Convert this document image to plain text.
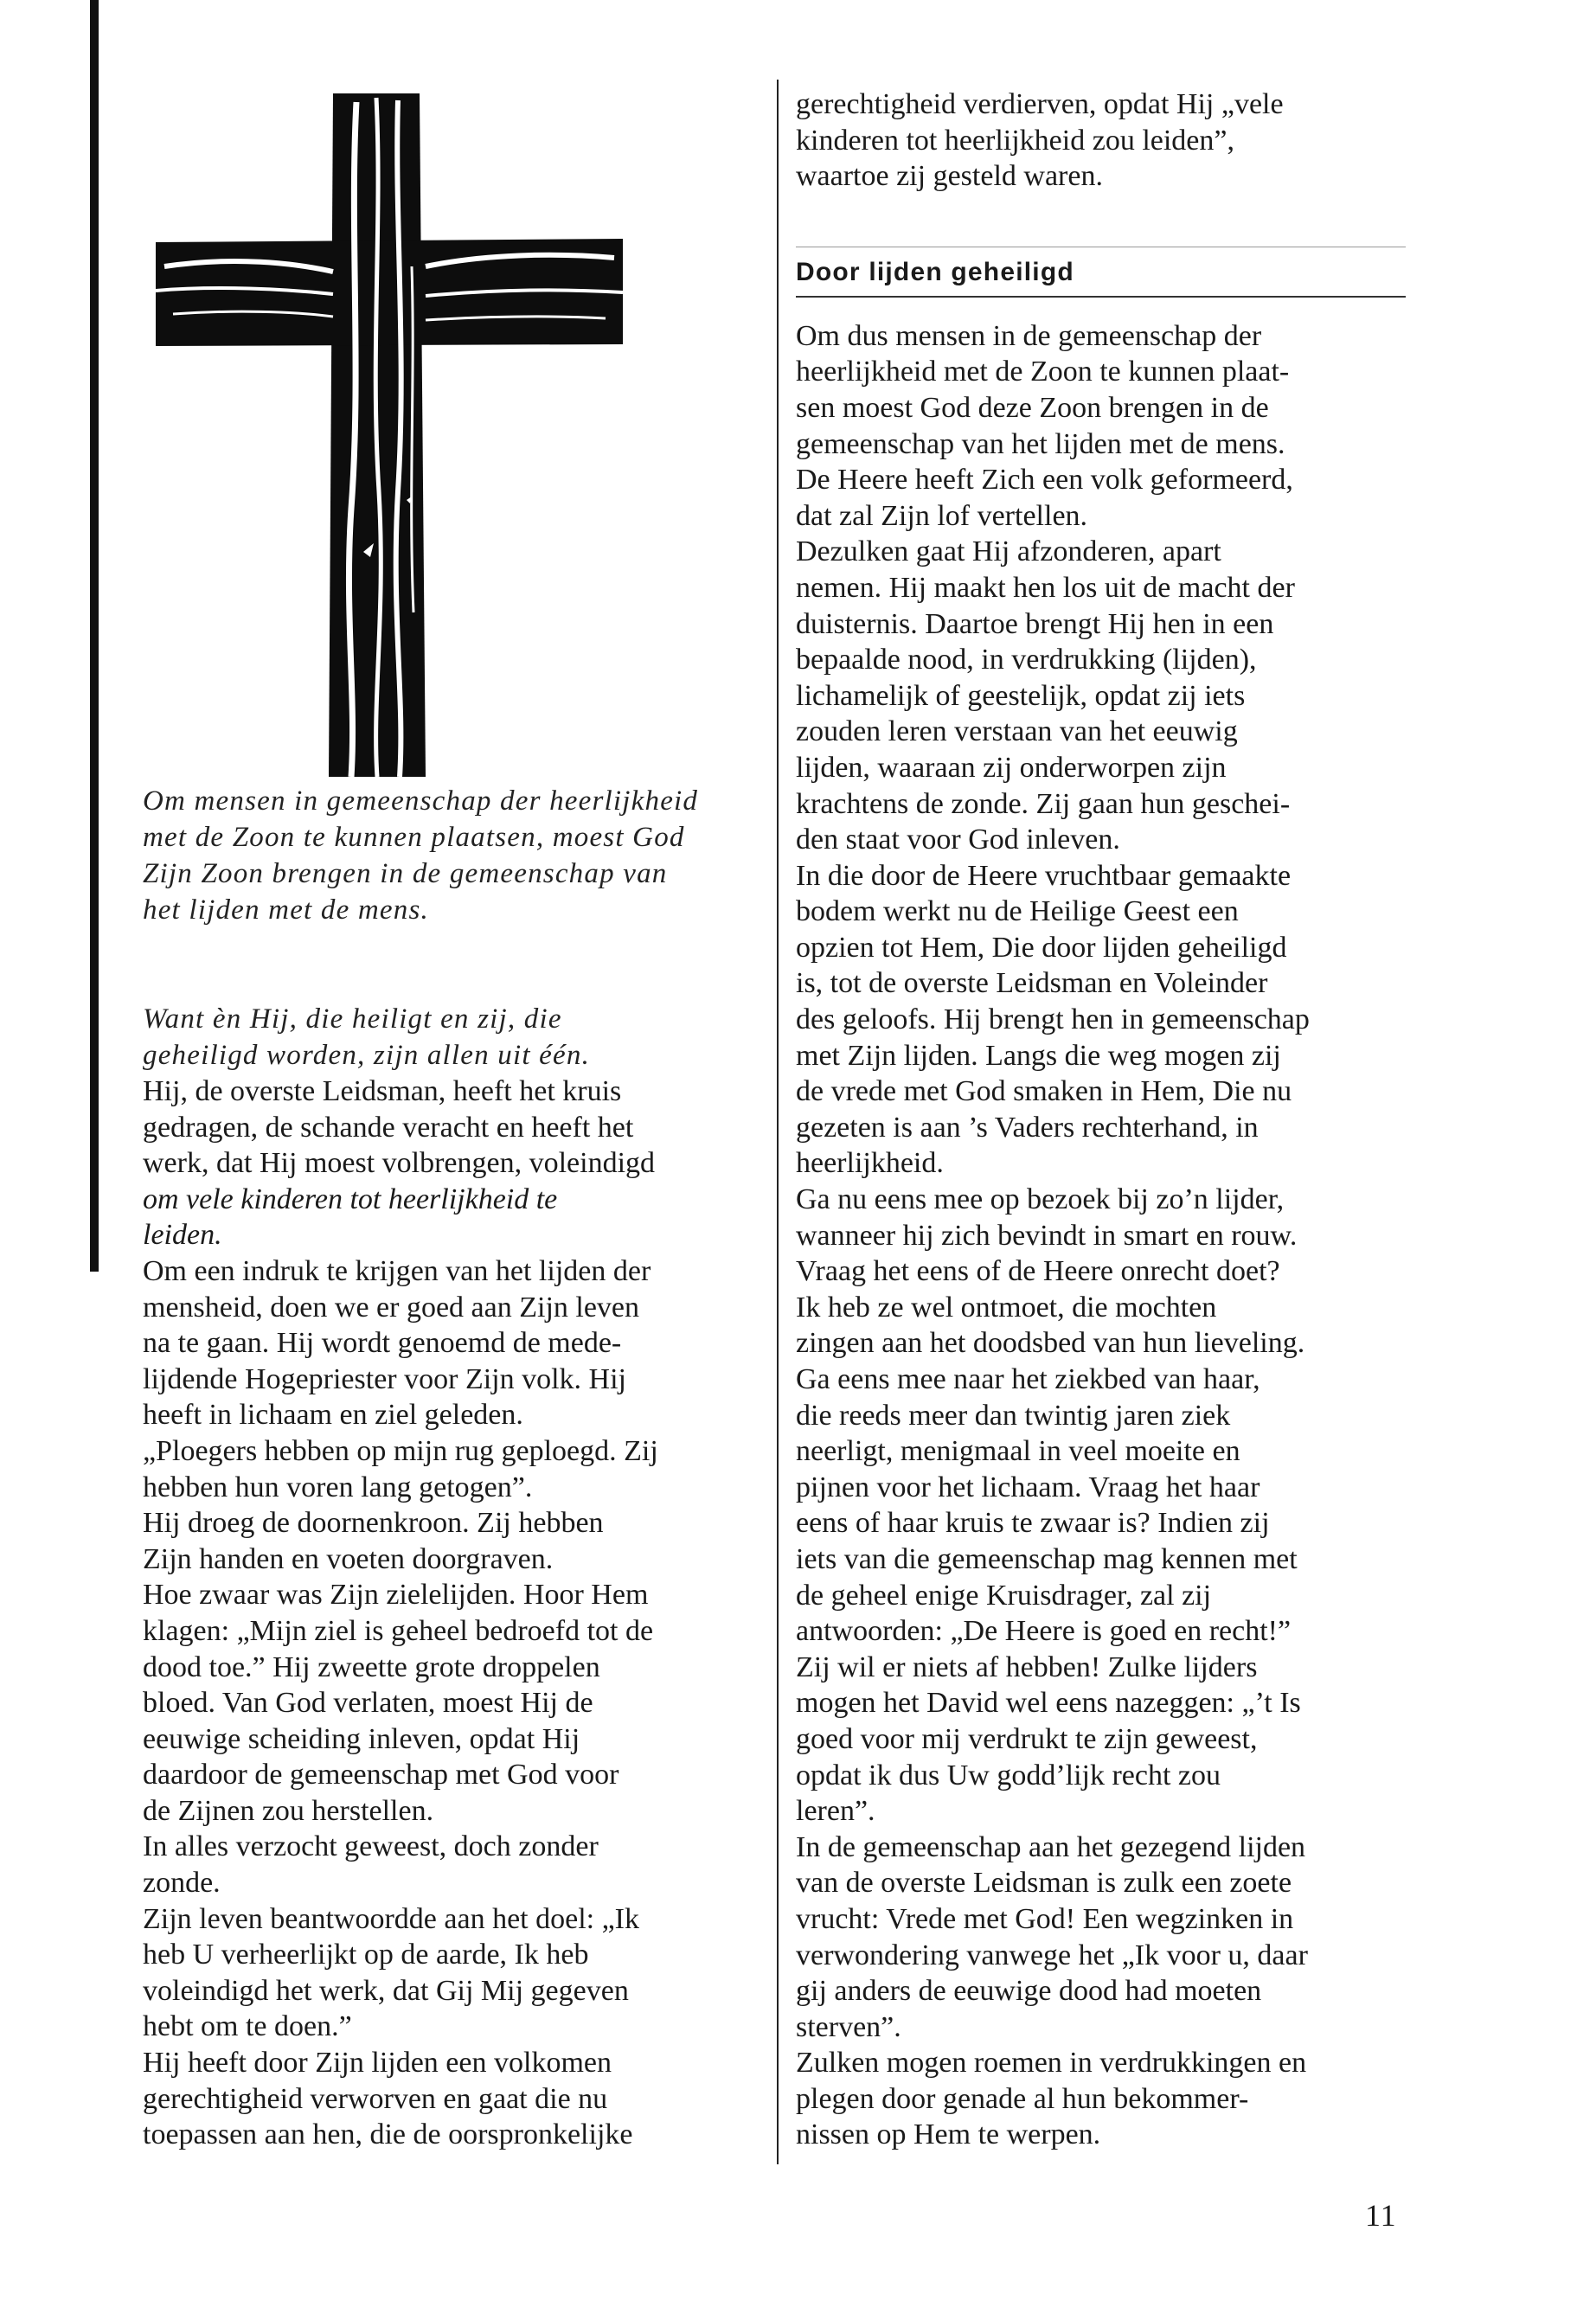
Om mensen in gemeenschap der heerlijkheid

met de Zoon te kunnen plaatsen, moest God

Zijn Zoon brengen in de gemeenschap van

het lijden met de mens.

Want èn Hij, die heiligt en zij, die

geheiligd worden, zijn allen uit één.

Hij, de overste Leidsman, heeft het kruis

gedragen, de schande veracht en heeft het

werk, dat Hij moest volbrengen, voleindigd

om vele kinderen tot heerlijkheid te

leiden.

Om een indruk te krijgen van het lijden der

mensheid, doen we er goed aan Zijn leven

na te gaan. Hij wordt genoemd de mede-

lijdende Hogepriester voor Zijn volk. Hij

heeft in lichaam en ziel geleden.

„Ploegers hebben op mijn rug geploegd. Zij

hebben hun voren lang getogen”.

Hij droeg de doornenkroon. Zij hebben

Zijn handen en voeten doorgraven.

Hoe zwaar was Zijn zielelijden. Hoor Hem

klagen: „Mijn ziel is geheel bedroefd tot de

dood toe.” Hij zweette grote droppelen

bloed. Van God verlaten, moest Hij de

eeuwige scheiding inleven, opdat Hij

daardoor de gemeenschap met God voor

de Zijnen zou herstellen.

In alles verzocht geweest, doch zonder

zonde.

Zijn leven beantwoordde aan het doel: „Ik

heb U verheerlijkt op de aarde, Ik heb

voleindigd het werk, dat Gij Mij gegeven

hebt om te doen.”

Hij heeft door Zijn lijden een volkomen

gerechtigheid verworven en gaat die nu

toepassen aan hen, die de oorspronkelijke

gerechtigheid verdierven, opdat Hij „vele

kinderen tot heerlijkheid zou leiden”,

waartoe zij gesteld waren.

Door lijden geheiligd

Om dus mensen in de gemeenschap der

heerlijkheid met de Zoon te kunnen plaat-

sen moest God deze Zoon brengen in de

gemeenschap van het lijden met de mens.

De Heere heeft Zich een volk geformeerd,

dat zal Zijn lof vertellen.

Dezulken gaat Hij afzonderen, apart

nemen. Hij maakt hen los uit de macht der

duisternis. Daartoe brengt Hij hen in een

bepaalde nood, in verdrukking (lijden),

lichamelijk of geestelijk, opdat zij iets

zouden leren verstaan van het eeuwig

lijden, waaraan zij onderworpen zijn

krachtens de zonde. Zij gaan hun geschei-

den staat voor God inleven.

In die door de Heere vruchtbaar gemaakte

bodem werkt nu de Heilige Geest een

opzien tot Hem, Die door lijden geheiligd

is, tot de overste Leidsman en Voleinder

des geloofs. Hij brengt hen in gemeenschap

met Zijn lijden. Langs die weg mogen zij

de vrede met God smaken in Hem, Die nu

gezeten is aan ’s Vaders rechterhand, in

heerlijkheid.

Ga nu eens mee op bezoek bij zo’n lijder,

wanneer hij zich bevindt in smart en rouw.

Vraag het eens of de Heere onrecht doet?

Ik heb ze wel ontmoet, die mochten

zingen aan het doodsbed van hun lieveling.

Ga eens mee naar het ziekbed van haar,

die reeds meer dan twintig jaren ziek

neerligt, menigmaal in veel moeite en

pijnen voor het lichaam. Vraag het haar

eens of haar kruis te zwaar is? Indien zij

iets van die gemeenschap mag kennen met

de geheel enige Kruisdrager, zal zij

antwoorden: „De Heere is goed en recht!”

Zij wil er niets af hebben! Zulke lijders

mogen het David wel eens nazeggen: „’t Is

goed voor mij verdrukt te zijn geweest,

opdat ik dus Uw godd’lijk recht zou

leren”.

In de gemeenschap aan het gezegend lijden

van de overste Leidsman is zulk een zoete

vrucht: Vrede met God! Een wegzinken in

verwondering vanwege het „Ik voor u, daar

gij anders de eeuwige dood had moeten

sterven”.

Zulken mogen roemen in verdrukkingen en

plegen door genade al hun bekommer-

nissen op Hem te werpen.

11
